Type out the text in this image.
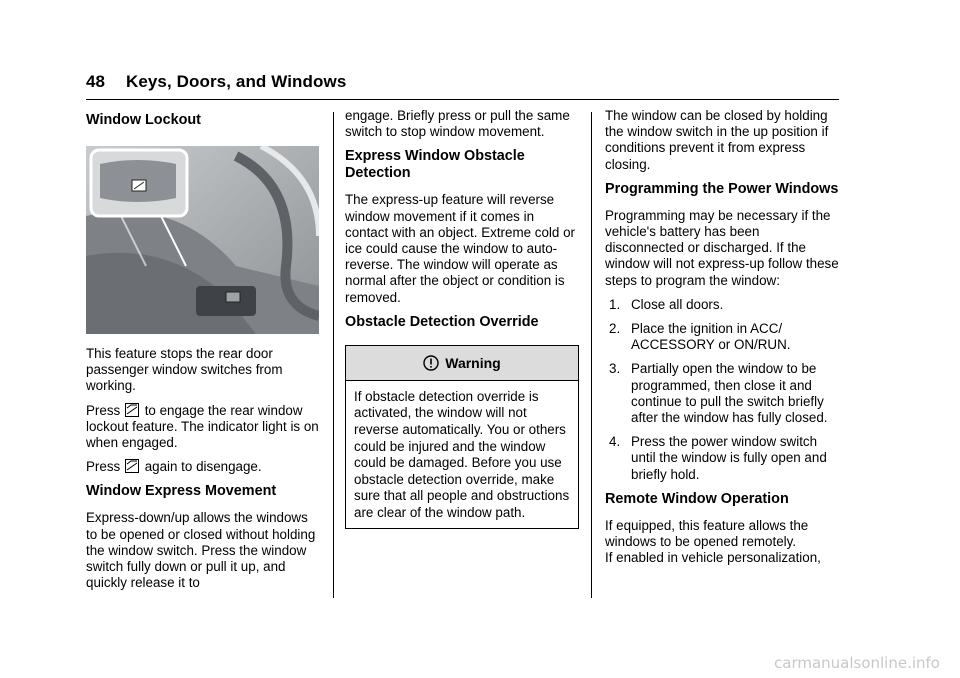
48 Keys, Doors, and Windows
Window Lockout

This feature stops the rear door passenger window switches from working.

Press to engage the rear window lockout feature. The indicator light is on when engaged.

Press again to disengage.

Window Express Movement

Express-down/up allows the windows to be opened or closed without holding the window switch. Press the window switch fully down or pull it up, and quickly release it to

engage. Briefly press or pull the same switch to stop window movement.

Express Window Obstacle Detection

The express-up feature will reverse window movement if it comes in contact with an object. Extreme cold or ice could cause the window to auto-reverse. The window will operate as normal after the object or condition is removed.

Obstacle Detection Override
Warning
If obstacle detection override is activated, the window will not reverse automatically. You or others could be injured and the window could be damaged. Before you use obstacle detection override, make sure that all people and obstructions are clear of the window path.

The window can be closed by holding the window switch in the up position if conditions prevent it from express closing.

Programming the Power Windows

Programming may be necessary if the vehicle's battery has been disconnected or discharged. If the window will not express-up follow these steps to program the window:

1. Close all doors.
2. Place the ignition in ACC/ ACCESSORY or ON/RUN.
3. Partially open the window to be programmed, then close it and continue to pull the switch briefly after the window has fully closed.
4. Press the power window switch until the window is fully open and briefly hold.
Remote Window Operation

If equipped, this feature allows the windows to be opened remotely.

If enabled in vehicle personalization,

carmanualsonline.info
